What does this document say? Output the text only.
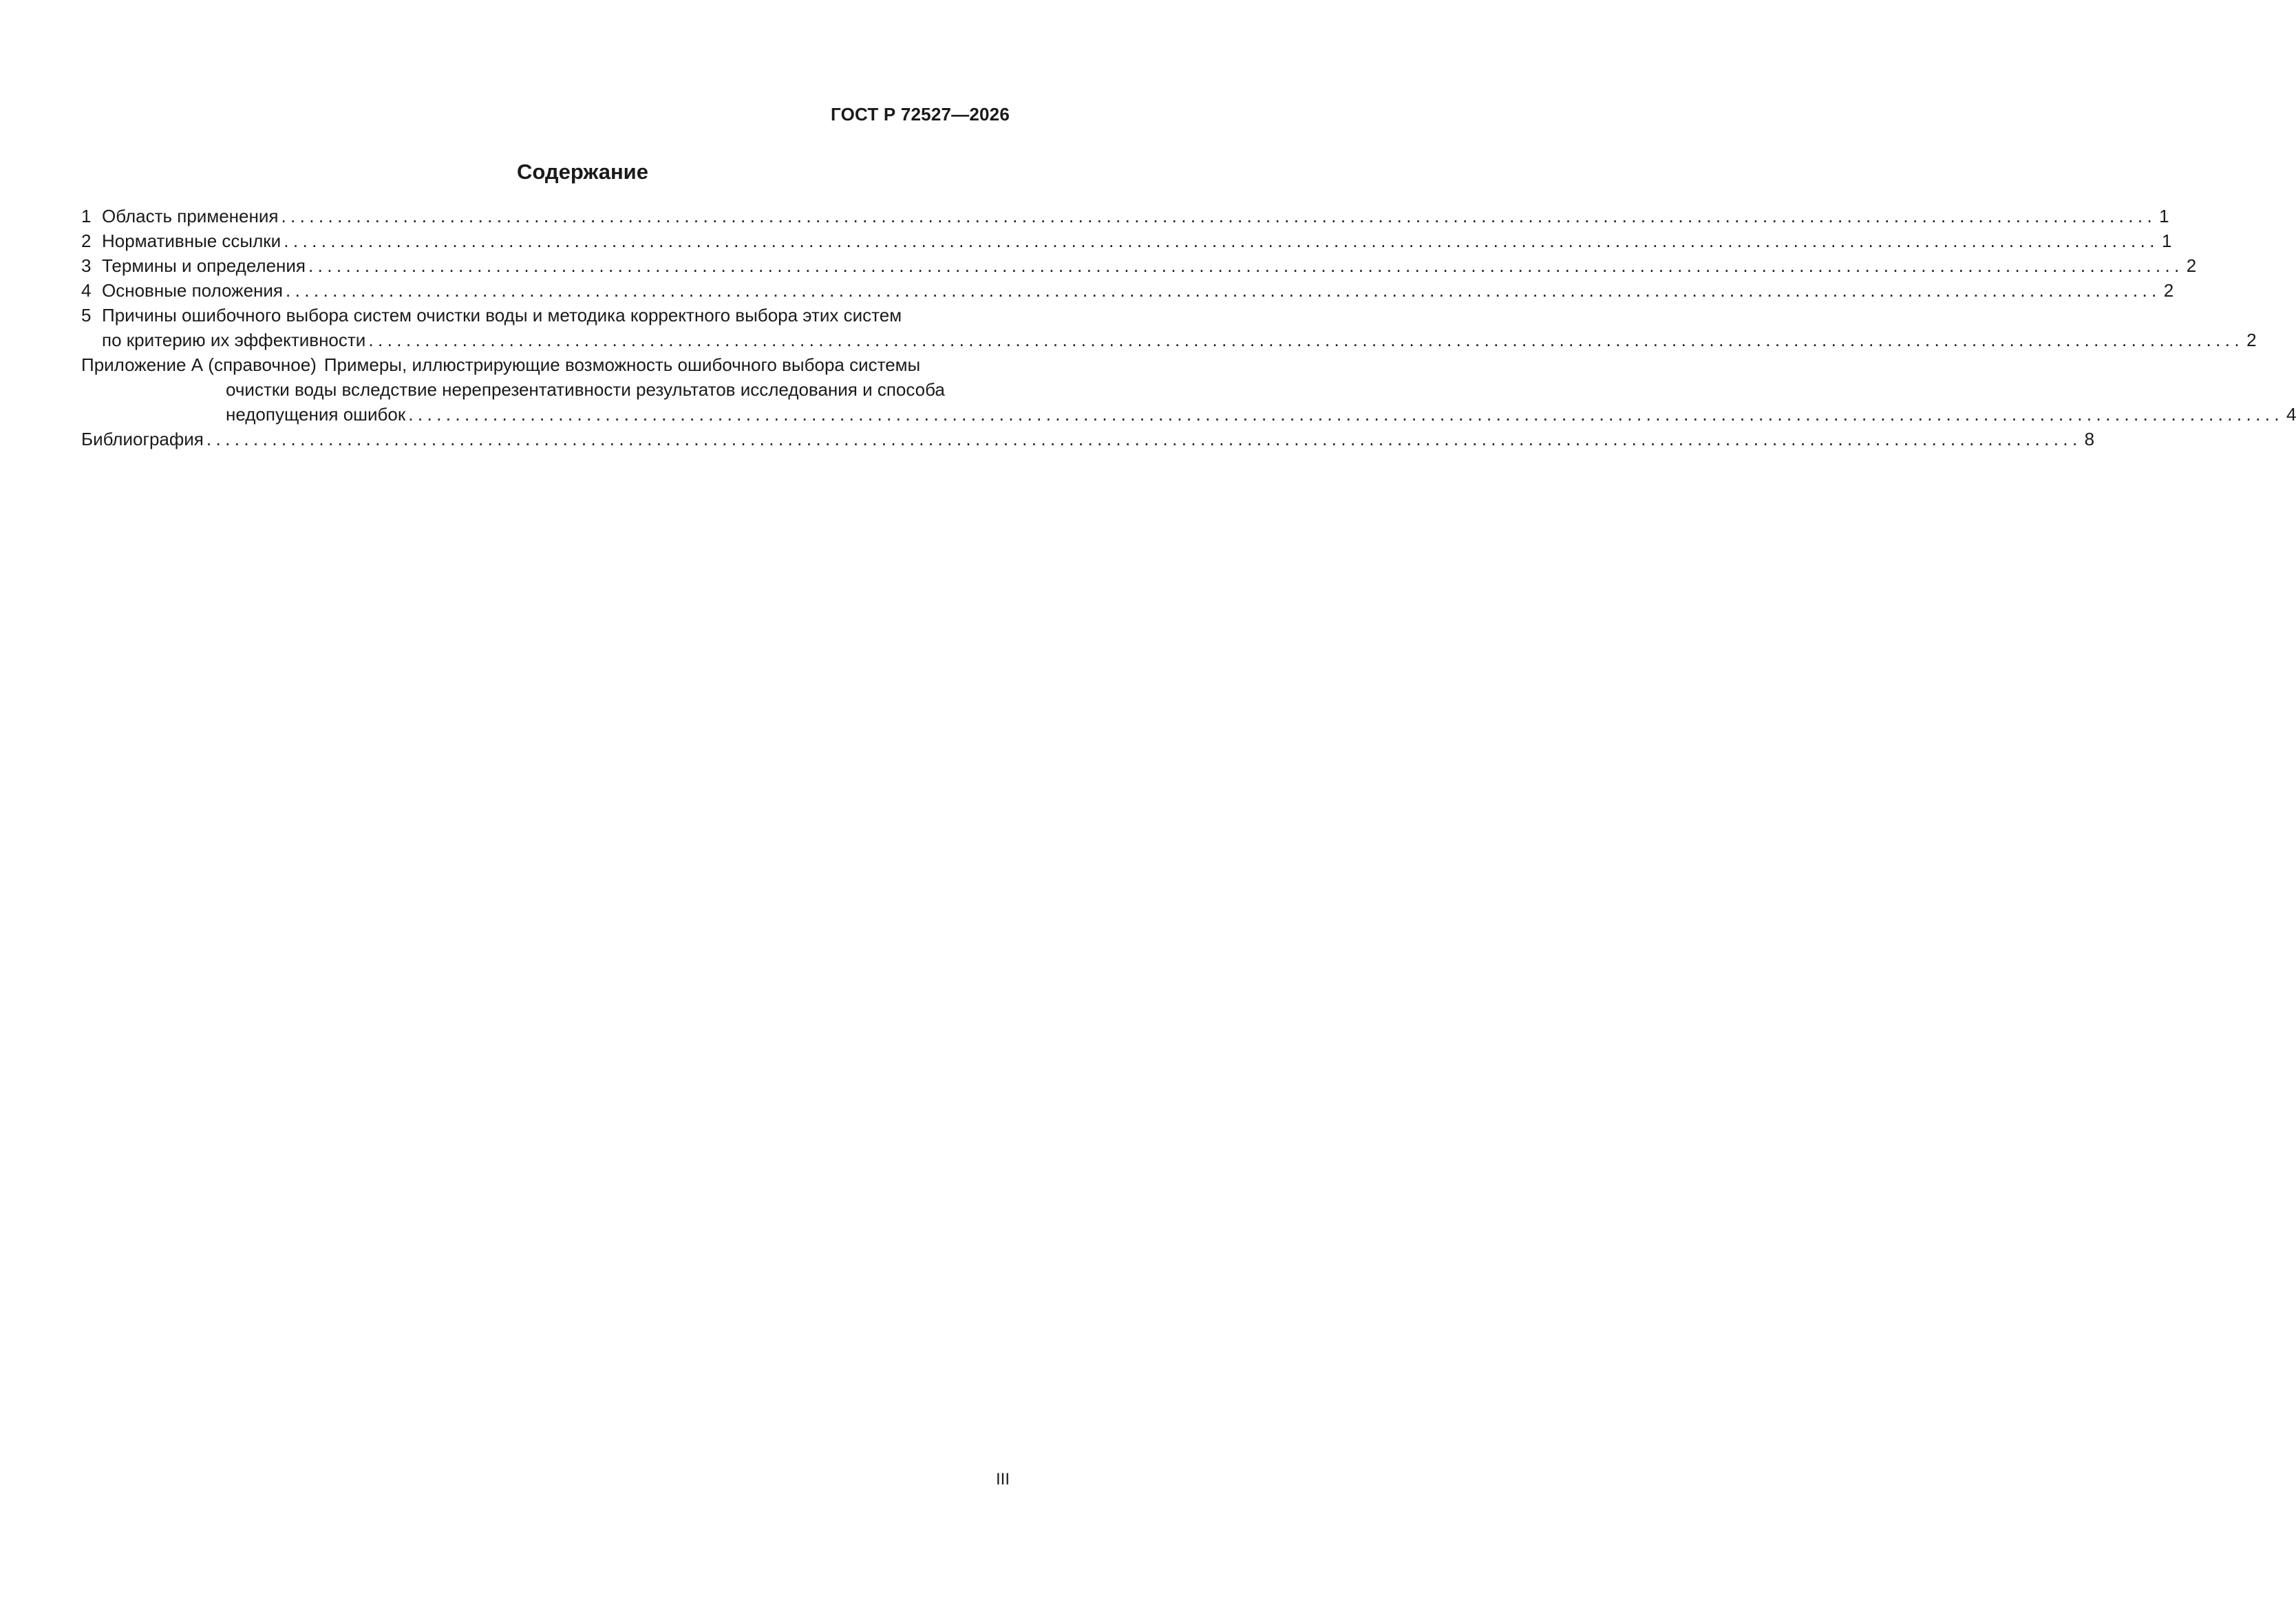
ГОСТ Р 72527—2026
Содержание
1 Область применения ........................................................................................................................................................................................................ 1
2 Нормативные ссылки ........................................................................................................................................................................................................ 1
3 Термины и определения ........................................................................................................................................................................................................ 2
4 Основные положения ........................................................................................................................................................................................................ 2
5 Причины ошибочного выбора систем очистки воды и методика корректного выбора этих систем
по критерию их эффективности ........................................................................................................................................................................................................ 2
Приложение А (справочное) Примеры, иллюстрирующие возможность ошибочного выбора системы
очистки воды вследствие нерепрезентативности результатов исследования и способа
недопущения ошибок ........................................................................................................................................................................................................ 4
Библиография ........................................................................................................................................................................................................ 8
III
